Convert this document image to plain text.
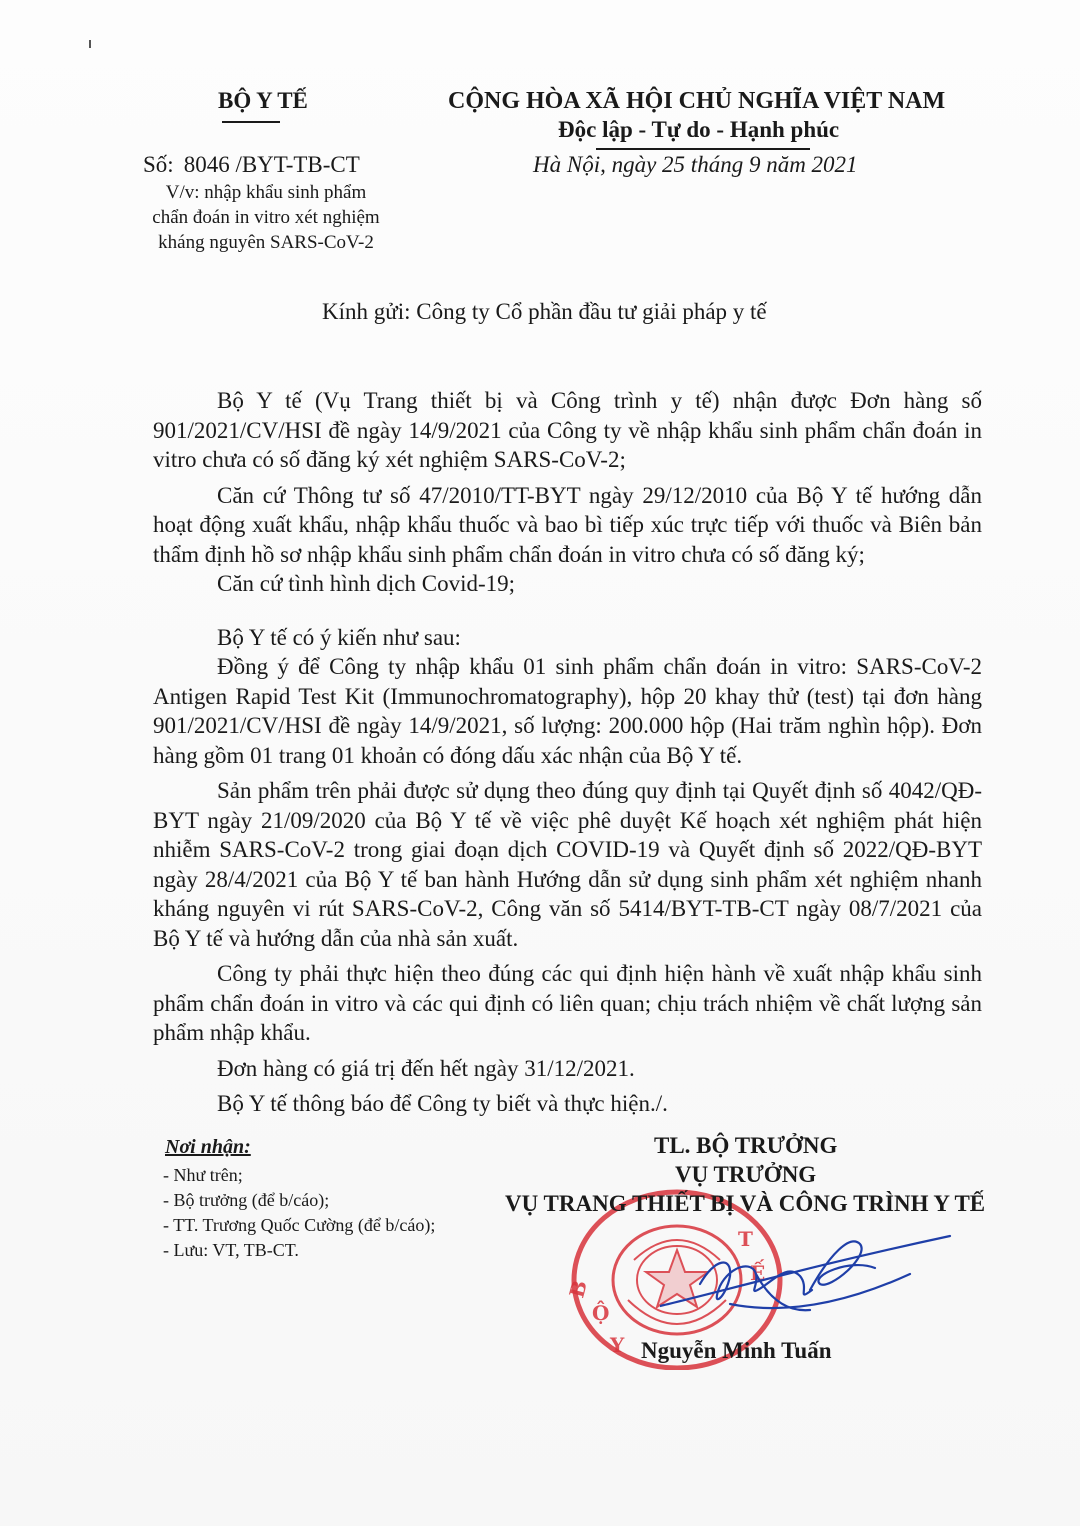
BỘ Y TẾ
Số: 8046 /BYT-TB-CT
V/v: nhập khẩu sinh phẩm
chẩn đoán in vitro xét nghiệm
kháng nguyên SARS-CoV-2
CỘNG HÒA XÃ HỘI CHỦ NGHĨA VIỆT NAM
Độc lập - Tự do - Hạnh phúc
Hà Nội, ngày 25 tháng 9 năm 2021
Kính gửi: Công ty Cổ phần đầu tư giải pháp y tế

Bộ Y tế (Vụ Trang thiết bị và Công trình y tế) nhận được Đơn hàng số 901/2021/CV/HSI đề ngày 14/9/2021 của Công ty về nhập khẩu sinh phẩm chẩn đoán in vitro chưa có số đăng ký xét nghiệm SARS-CoV-2;

Căn cứ Thông tư số 47/2010/TT-BYT ngày 29/12/2010 của Bộ Y tế hướng dẫn hoạt động xuất khẩu, nhập khẩu thuốc và bao bì tiếp xúc trực tiếp với thuốc và Biên bản thẩm định hồ sơ nhập khẩu sinh phẩm chẩn đoán in vitro chưa có số đăng ký;

Căn cứ tình hình dịch Covid-19;

Bộ Y tế có ý kiến như sau:

Đồng ý để Công ty nhập khẩu 01 sinh phẩm chẩn đoán in vitro: SARS-CoV-2 Antigen Rapid Test Kit (Immunochromatography), hộp 20 khay thử (test) tại đơn hàng 901/2021/CV/HSI đề ngày 14/9/2021, số lượng: 200.000 hộp (Hai trăm nghìn hộp). Đơn hàng gồm 01 trang 01 khoản có đóng dấu xác nhận của Bộ Y tế.

Sản phẩm trên phải được sử dụng theo đúng quy định tại Quyết định số 4042/QĐ-BYT ngày 21/09/2020 của Bộ Y tế về việc phê duyệt Kế hoạch xét nghiệm phát hiện nhiễm SARS-CoV-2 trong giai đoạn dịch COVID-19 và Quyết định số 2022/QĐ-BYT ngày 28/4/2021 của Bộ Y tế ban hành Hướng dẫn sử dụng sinh phẩm xét nghiệm nhanh kháng nguyên vi rút SARS-CoV-2, Công văn số 5414/BYT-TB-CT ngày 08/7/2021 của Bộ Y tế và hướng dẫn của nhà sản xuất.

Công ty phải thực hiện theo đúng các qui định hiện hành về xuất nhập khẩu sinh phẩm chẩn đoán in vitro và các qui định có liên quan; chịu trách nhiệm về chất lượng sản phẩm nhập khẩu.

Đơn hàng có giá trị đến hết ngày 31/12/2021.

Bộ Y tế thông báo để Công ty biết và thực hiện./.

Nơi nhận:
- Như trên;
- Bộ trưởng (để b/cáo);
- TT. Trương Quốc Cường (để b/cáo);
- Lưu: VT, TB-CT.
B
Ộ
Y
T
Ế
TL. BỘ TRƯỞNG
VỤ TRƯỞNG
VỤ TRANG THIẾT BỊ VÀ CÔNG TRÌNH Y TẾ
Nguyễn Minh Tuấn
